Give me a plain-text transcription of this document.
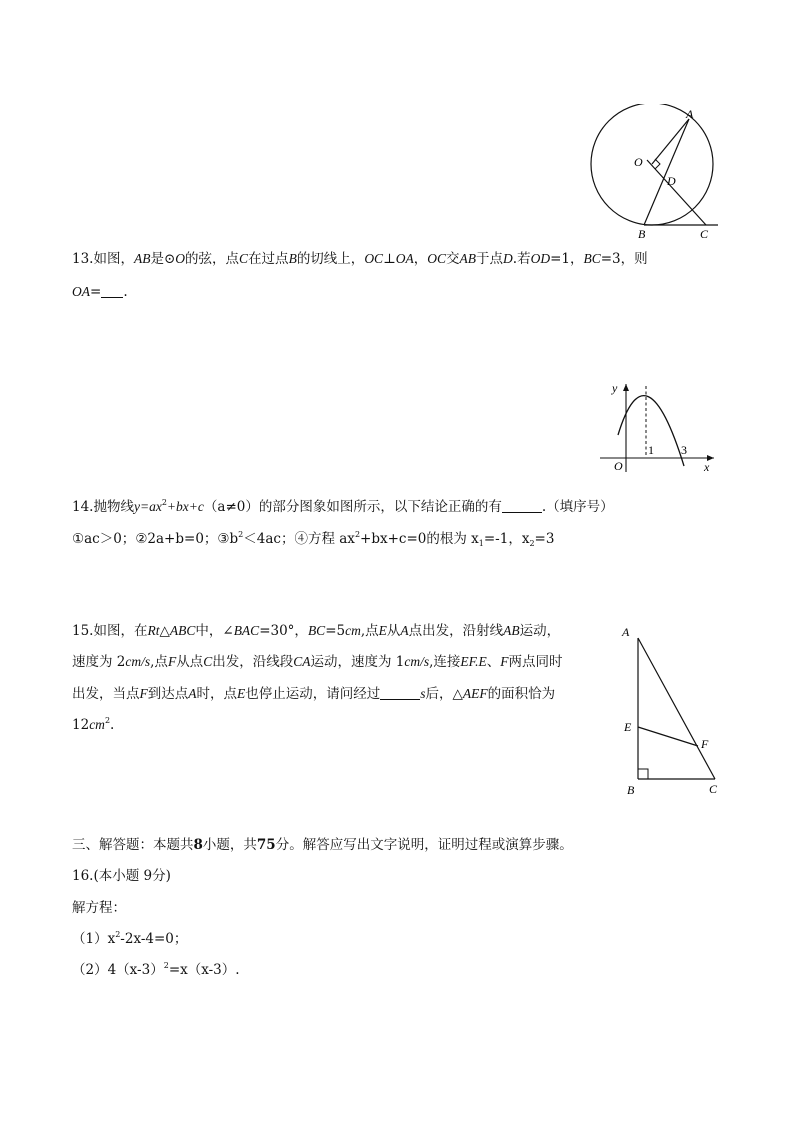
A
O
D
B	C
13.如图，AB是⊙O的弦，点C在过点B的切线上，OC⊥OA，OC交AB于点D.若OD=1，BC=3，则
OA= .
y
x
O
1 3
14.抛物线$y=ax^2+bx+c(a\ne 0)$的部分图象如图所示，以下结论正确的有	.（填序号）
①ac＞0；②2a+b=0；$③b^2<4ac$；④方程 $ax^2+bx+c=0$的根为 $x_1=-1$，$x_2=3$
15.如图，在Rt△ABC中，∠BAC=30°，BC=5cm,点E从A点出发，沿射线AB运动，
速度为 2cm/s,点F从点C出发，沿线段CA运动，速度为 1cm/s,连接EF.E、F两点同时
出发，当点F到达点A时，点E也停止运动，请问经过	s后，△AEF的面积恰为
$12cm^2$.
A
E
F
B	C
三、解答题：本题共8小题，共75分。解答应写出文字说明，证明过程或演算步骤。
16.(本小题 9分)
解方程：
$(1)x^2-2x-4=0$；
$(2)4(x-3)^2=x(x-3)$.
